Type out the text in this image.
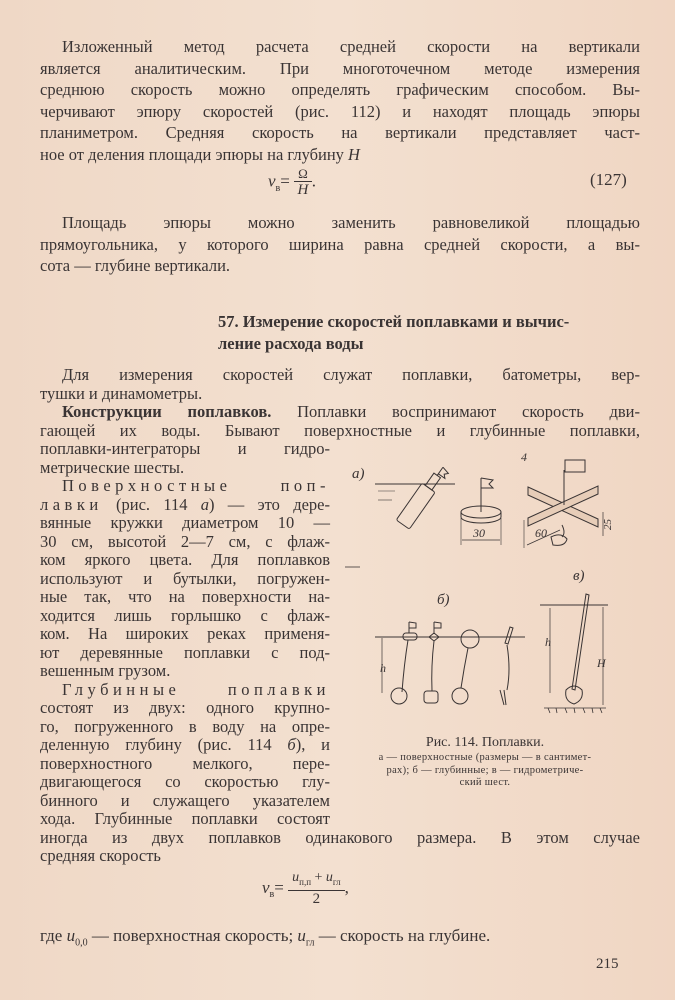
Изложенный метод расчета средней скорости на вертикали
является аналитическим. При многоточечном методе измерения
среднюю скорость можно определять графическим способом. Вы-
черчивают эпюру скоростей (рис. 112) и находят площадь эпюры
планиметром. Средняя скорость на вертикали представляет част-
ное от деления площади эпюры на глубину H
$v_в= \frac{\Omega}{H}$ .	(127)
Площадь эпюры можно заменить равновеликой площадью
прямоугольника, у которого ширина равна средней скорости, а вы-
сота — глубине вертикали.
57. Измерение скоростей поплавками и вычис-
ление расхода воды
Для измерения скоростей служат поплавки, батометры, вер-
тушки и динамометры.
Конструкции поплавков. Поплавки воспринимают скорость дви-
гающей их воды. Бывают поверхностные и глубинные поплавки,
поплавки-интеграторы и гидро-
метрические шесты.
Поверхностные поп-
лавки (рис. 114 а) — это дере-
вянные кружки диаметром 10 —
30 см, высотой 2—7 см, с флаж-
ком яркого цвета. Для поплавков
используют и бутылки, погружен-
ные так, что на поверхности на-
ходится лишь горлышко с флаж-
ком. На широких реках применя-
ют деревянные поплавки с под-
вешенным грузом.
Глубинные поплавки
состоят из двух: одного крупно-
го, погруженного в воду на опре-
деленную глубину (рис. 114 б), и
поверхностного мелкого, пере-
двигающегося со скоростью глу-
бинного и служащего указателем
хода. Глубинные поплавки состоят
иногда из двух поплавков одинакового размера. В этом случае
средняя скорость
$v_в= \frac{u_{п,п} + u_{гл}}{2}$ ,
где $u_{0,0}$ — поверхностная скорость; $u_{гл}$ — скорость на глубине.
а)
30
4
60
25
б)
h
в)
h
H
Рис. 114. Поплавки.
а — поверхностные (размеры — в сантимет-
рах); б — глубинные; в — гидрометриче-
ский шест.
215
